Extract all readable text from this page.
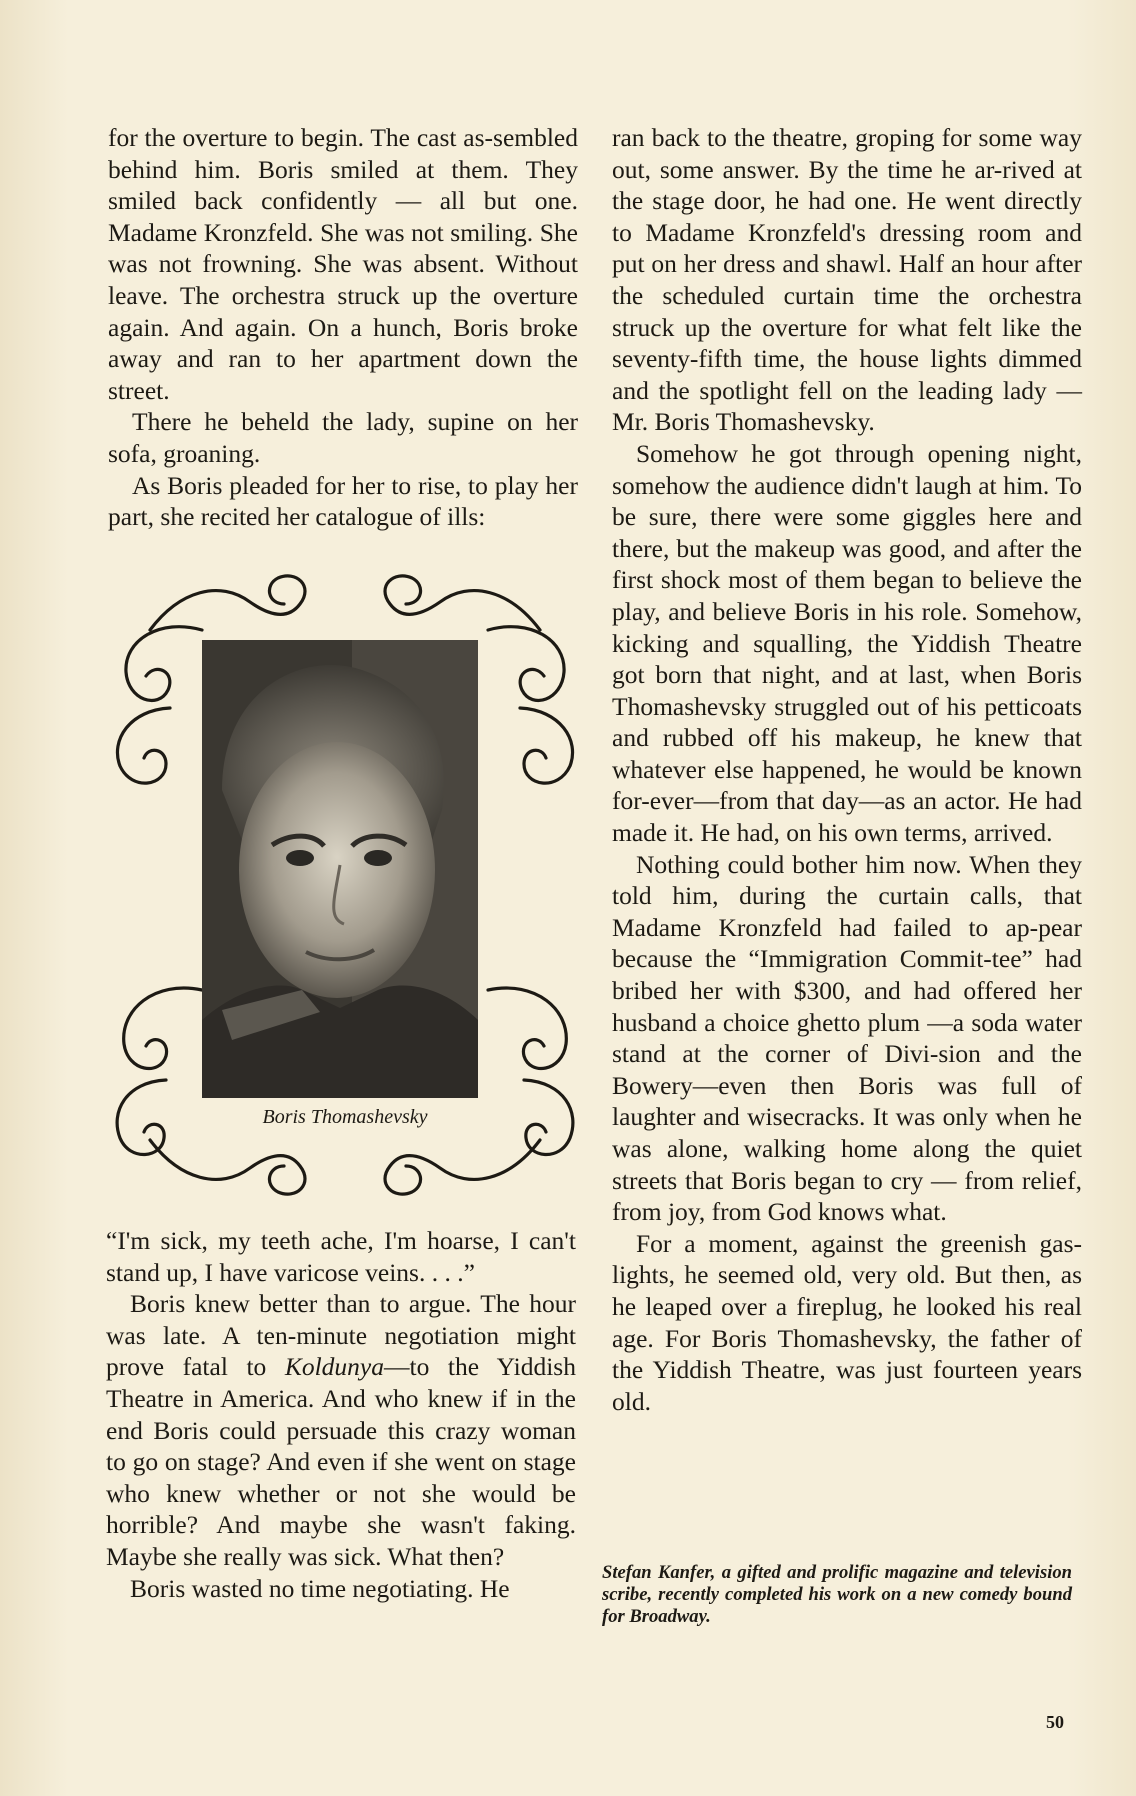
for the overture to begin. The cast as-sembled behind him. Boris smiled at them. They smiled back confidently — all but one. Madame Kronzfeld. She was not smiling. She was not frowning. She was absent. Without leave. The orchestra struck up the overture again. And again. On a hunch, Boris broke away and ran to her apartment down the street.

There he beheld the lady, supine on her sofa, groaning.

As Boris pleaded for her to rise, to play her part, she recited her catalogue of ills:

Boris Thomashevsky

“I'm sick, my teeth ache, I'm hoarse, I can't stand up, I have varicose veins. . . .”

Boris knew better than to argue. The hour was late. A ten-minute negotiation might prove fatal to Koldunya—to the Yiddish Theatre in America. And who knew if in the end Boris could persuade this crazy woman to go on stage? And even if she went on stage who knew whether or not she would be horrible? And maybe she wasn't faking. Maybe she really was sick. What then?

Boris wasted no time negotiating. He

ran back to the theatre, groping for some way out, some answer. By the time he ar-rived at the stage door, he had one. He went directly to Madame Kronzfeld's dressing room and put on her dress and shawl. Half an hour after the scheduled curtain time the orchestra struck up the overture for what felt like the seventy-fifth time, the house lights dimmed and the spotlight fell on the leading lady — Mr. Boris Thomashevsky.

Somehow he got through opening night, somehow the audience didn't laugh at him. To be sure, there were some giggles here and there, but the makeup was good, and after the first shock most of them began to believe the play, and believe Boris in his role. Somehow, kicking and squalling, the Yiddish Theatre got born that night, and at last, when Boris Thomashevsky struggled out of his petticoats and rubbed off his makeup, he knew that whatever else happened, he would be known for-ever—from that day—as an actor. He had made it. He had, on his own terms, arrived.

Nothing could bother him now. When they told him, during the curtain calls, that Madame Kronzfeld had failed to ap-pear because the “Immigration Commit-tee” had bribed her with $300, and had offered her husband a choice ghetto plum —a soda water stand at the corner of Divi-sion and the Bowery—even then Boris was full of laughter and wisecracks. It was only when he was alone, walking home along the quiet streets that Boris began to cry — from relief, from joy, from God knows what.

For a moment, against the greenish gas-lights, he seemed old, very old. But then, as he leaped over a fireplug, he looked his real age. For Boris Thomashevsky, the father of the Yiddish Theatre, was just fourteen years old.

Stefan Kanfer, a gifted and prolific magazine and television scribe, recently completed his work on a new comedy bound for Broadway.

50
